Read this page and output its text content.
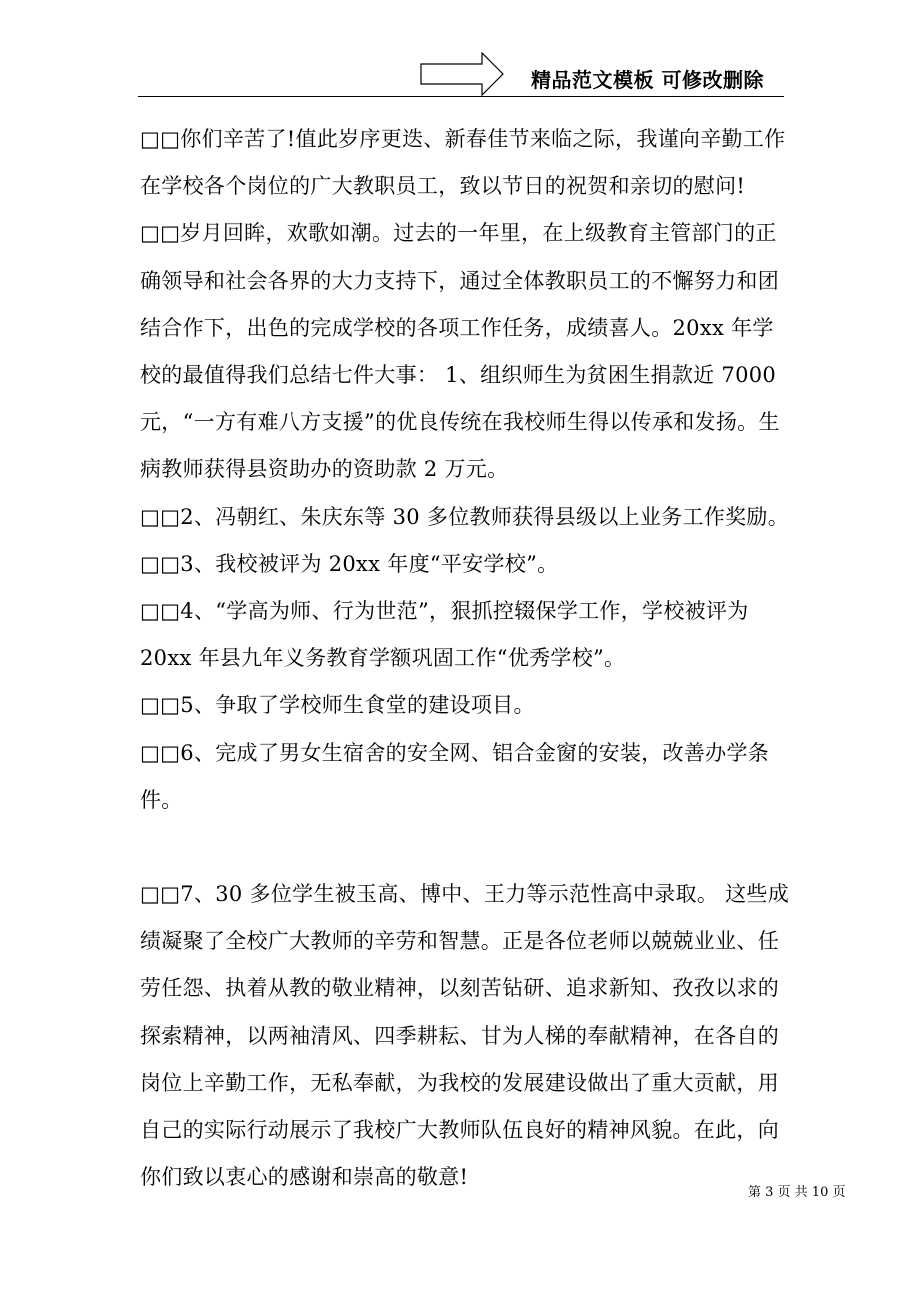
精品范文模板 可修改删除

□□你们辛苦了!值此岁序更迭、新春佳节来临之际，我谨向辛勤工作在学校各个岗位的广大教职员工，致以节日的祝贺和亲切的慰问!

□□岁月回眸，欢歌如潮。过去的一年里，在上级教育主管部门的正确领导和社会各界的大力支持下，通过全体教职员工的不懈努力和团结合作下，出色的完成学校的各项工作任务，成绩喜人。20xx 年学校的最值得我们总结七件大事： 1、组织师生为贫困生捐款近 7000 元，“一方有难八方支援”的优良传统在我校师生得以传承和发扬。生病教师获得县资助办的资助款 2 万元。

□□2、冯朝红、朱庆东等 30 多位教师获得县级以上业务工作奖励。

□□3、我校被评为 20xx 年度“平安学校”。

□□4、“学高为师、行为世范”，狠抓控辍保学工作，学校被评为 20xx 年县九年义务教育学额巩固工作“优秀学校”。

□□5、争取了学校师生食堂的建设项目。

□□6、完成了男女生宿舍的安全网、铝合金窗的安装，改善办学条件。

□□7、30 多位学生被玉高、博中、王力等示范性高中录取。 这些成绩凝聚了全校广大教师的辛劳和智慧。正是各位老师以兢兢业业、任劳任怨、执着从教的敬业精神，以刻苦钻研、追求新知、孜孜以求的探索精神，以两袖清风、四季耕耘、甘为人梯的奉献精神，在各自的岗位上辛勤工作，无私奉献，为我校的发展建设做出了重大贡献，用自己的实际行动展示了我校广大教师队伍良好的精神风貌。在此，向你们致以衷心的感谢和崇高的敬意!

第 3 页 共 10 页
